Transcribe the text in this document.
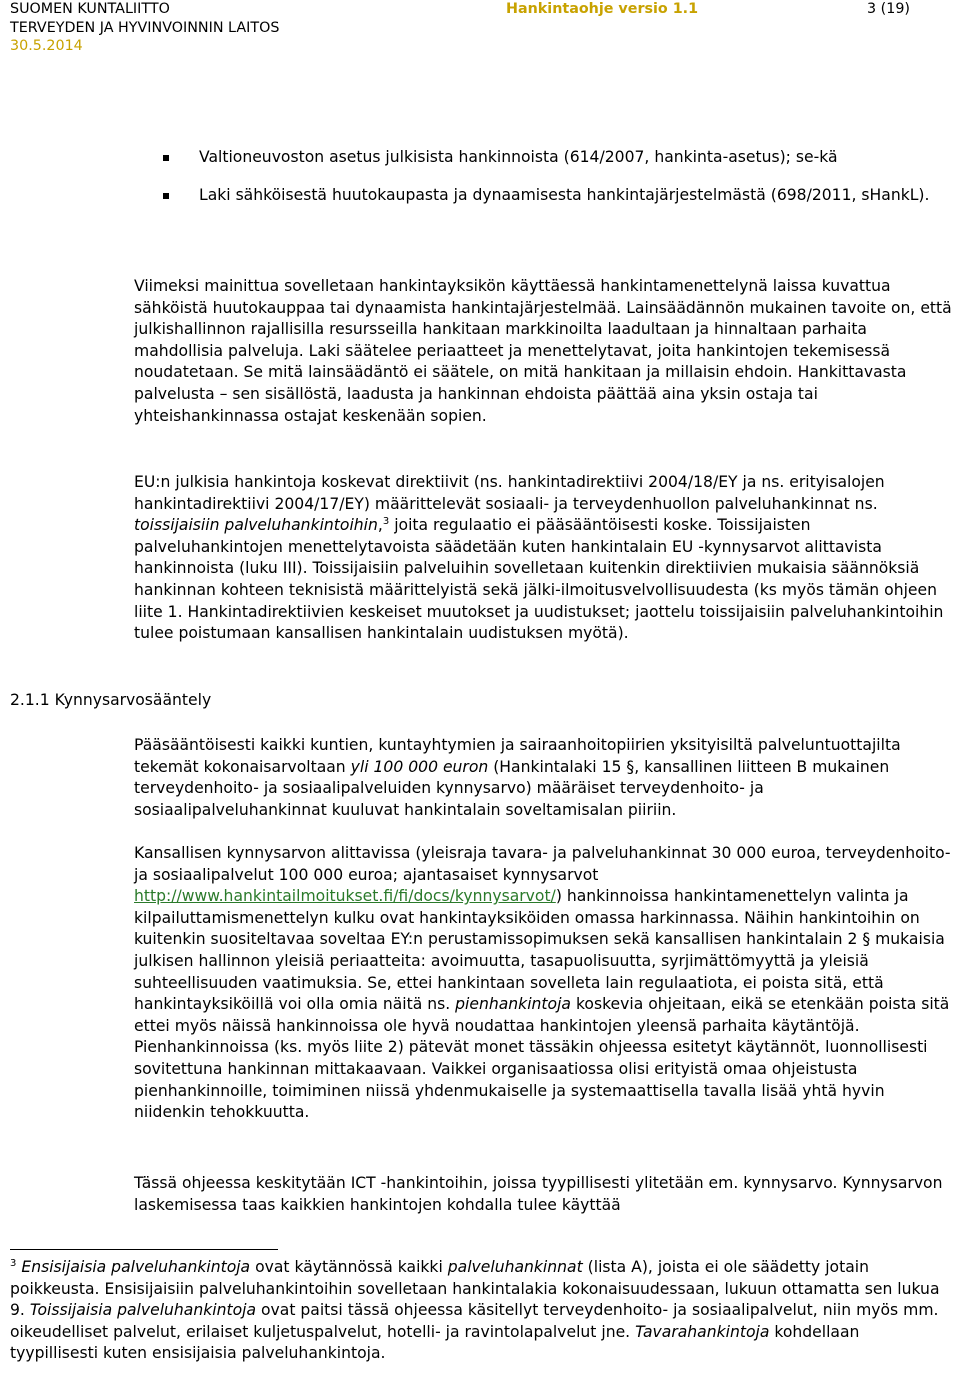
SUOMEN KUNTALIITTO
TERVEYDEN JA HYVINVOINNIN LAITOS
30.5.2014
Hankintaohje versio 1.1	3 (19)
Valtioneuvoston asetus julkisista hankinnoista (614/2007, hankinta-asetus); se-kä
Laki sähköisestä huutokaupasta ja dynaamisesta hankintajärjestelmästä (698/2011, sHankL).

Viimeksi mainittua sovelletaan hankintayksikön käyttäessä hankintamenettelynä laissa kuvattua sähköistä huutokauppaa tai dynaamista hankintajärjestelmää. Lainsäädännön mukainen tavoite on, että julkishallinnon rajallisilla resursseilla hankitaan markkinoilta laadultaan ja hinnaltaan parhaita mahdollisia palveluja. Laki säätelee periaatteet ja menettelytavat, joita hankintojen tekemisessä noudatetaan. Se mitä lainsäädäntö ei säätele, on mitä hankitaan ja millaisin ehdoin. Hankittavasta palvelusta – sen sisällöstä, laadusta ja hankinnan ehdoista päättää aina yksin ostaja tai yhteishankinnassa ostajat keskenään sopien.

EU:n julkisia hankintoja koskevat direktiivit (ns. hankintadirektiivi 2004/18/EY ja ns. erityisalojen hankintadirektiivi 2004/17/EY) määrittelevät sosiaali- ja terveydenhuollon palveluhankinnat ns. toissijaisiin palveluhankintoihin,$^3$ joita regulaatio ei pääsääntöisesti koske. Toissijaisten palveluhankintojen menettelytavoista säädetään kuten hankintalain EU -kynnysarvot alittavista hankinnoista (luku III). Toissijaisiin palveluihin sovelletaan kuitenkin direktiivien mukaisia säännöksiä hankinnan kohteen teknisistä määrittelyistä sekä jälki-ilmoitusvelvollisuudesta (ks myös tämän ohjeen liite 1. Hankintadirektiivien keskeiset muutokset ja uudistukset; jaottelu toissijaisiin palveluhankintoihin tulee poistumaan kansallisen hankintalain uudistuksen myötä).

2.1.1 Kynnysarvosääntely

Pääsääntöisesti kaikki kuntien, kuntayhtymien ja sairaanhoitopiirien yksityisiltä palveluntuottajilta tekemät kokonaisarvoltaan yli 100 000 euron (Hankintalaki 15 §, kansallinen liitteen B mukainen terveydenhoito- ja sosiaalipalveluiden kynnysarvo) määräiset terveydenhoito- ja sosiaalipalveluhankinnat kuuluvat hankintalain soveltamisalan piiriin.

Kansallisen kynnysarvon alittavissa (yleisraja tavara- ja palveluhankinnat 30 000 euroa, terveydenhoito- ja sosiaalipalvelut 100 000 euroa; ajantasaiset kynnysarvot http://www.hankintailmoitukset.fi/fi/docs/kynnysarvot/) hankinnoissa hankintamenettelyn valinta ja kilpailuttamismenettelyn kulku ovat hankintayksiköiden omassa harkinnassa. Näihin hankintoihin on kuitenkin suositeltavaa soveltaa EY:n perustamissopimuksen sekä kansallisen hankintalain 2 § mukaisia julkisen hallinnon yleisiä periaatteita: avoimuutta, tasapuolisuutta, syrjimättömyyttä ja yleisiä suhteellisuuden vaatimuksia. Se, ettei hankintaan sovelleta lain regulaatiota, ei poista sitä, että hankintayksiköillä voi olla omia näitä ns. pienhankintoja koskevia ohjeitaan, eikä se etenkään poista sitä ettei myös näissä hankinnoissa ole hyvä noudattaa hankintojen yleensä parhaita käytäntöjä. Pienhankinnoissa (ks. myös liite 2) pätevät monet tässäkin ohjeessa esitetyt käytännöt, luonnollisesti sovitettuna hankinnan mittakaavaan. Vaikkei organisaatiossa olisi erityistä omaa ohjeistusta pienhankinnoille, toimiminen niissä yhdenmukaiselle ja systemaattisella tavalla lisää yhtä hyvin niidenkin tehokkuutta.

Tässä ohjeessa keskitytään ICT -hankintoihin, joissa tyypillisesti ylitetään em. kynnysarvo. Kynnysarvon laskemisessa taas kaikkien hankintojen kohdalla tulee käyttää

$^3$ Ensisijaisia palveluhankintoja ovat käytännössä kaikki palveluhankinnat (lista A), joista ei ole säädetty jotain poikkeusta. Ensisijaisiin palveluhankintoihin sovelletaan hankintalakia kokonaisuudessaan, lukuun ottamatta sen lukua 9. Toissijaisia palveluhankintoja ovat paitsi tässä ohjeessa käsitellyt terveydenhoito- ja sosiaalipalvelut, niin myös mm. oikeudelliset palvelut, erilaiset kuljetuspalvelut, hotelli- ja ravintolapalvelut jne. Tavarahankintoja kohdellaan tyypillisesti kuten ensisijaisia palveluhankintoja.
